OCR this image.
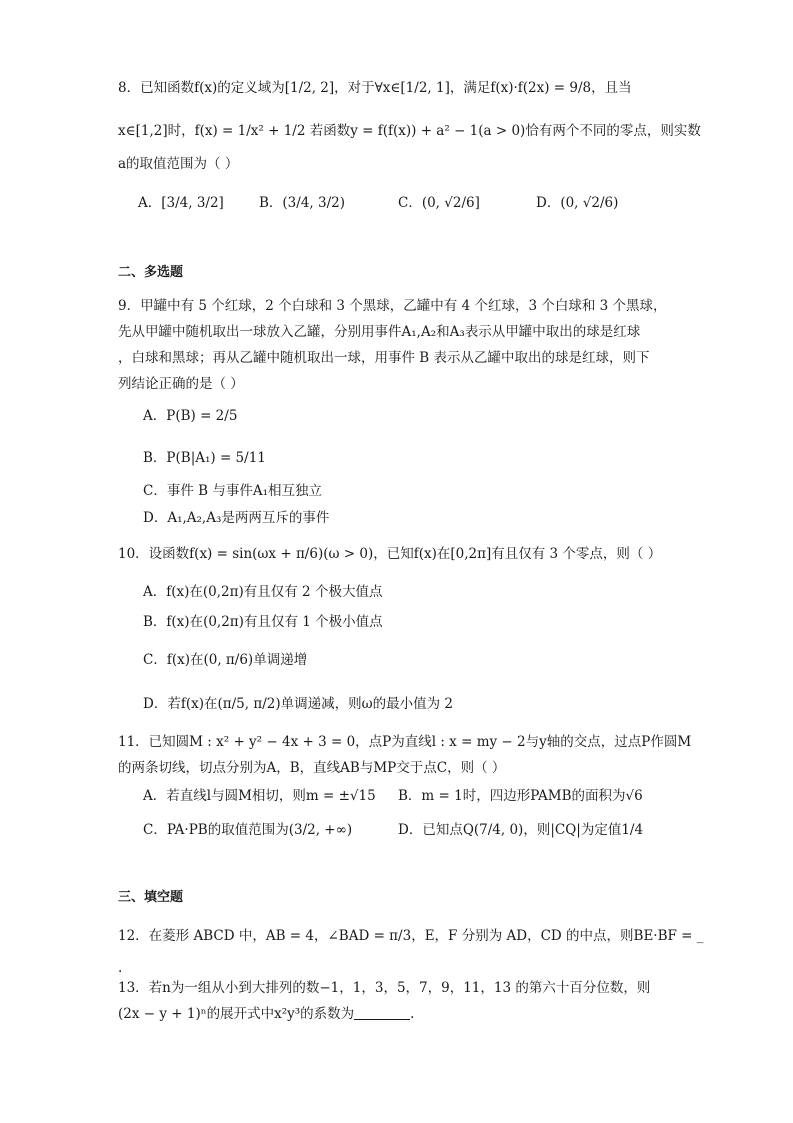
8．已知函数f(x)的定义域为[1/2, 2]，对于∀x∈[1/2, 1]，满足f(x)·f(2x) = 9/8，且当
x∈[1,2]时，f(x) = 1/x² + 1/2 若函数y = f(f(x)) + a² − 1(a > 0)恰有两个不同的零点，则实数
a的取值范围为（ ）
A．[3/4, 3/2]	B．(3/4, 3/2)	C．(0, √2/6]	D．(0, √2/6)
二、多选题
9．甲罐中有 5 个红球，2 个白球和 3 个黑球，乙罐中有 4 个红球，3 个白球和 3 个黑球，
先从甲罐中随机取出一球放入乙罐，分别用事件A₁,A₂和A₃表示从甲罐中取出的球是红球
，白球和黑球；再从乙罐中随机取出一球，用事件 B 表示从乙罐中取出的球是红球，则下
列结论正确的是（ ）
A．P(B) = 2/5
B．P(B|A₁) = 5/11
C．事件 B 与事件A₁相互独立
D．A₁,A₂,A₃是两两互斥的事件
10．设函数f(x) = sin(ωx + π/6)(ω > 0)，已知f(x)在[0,2π]有且仅有 3 个零点，则（ ）
A．f(x)在(0,2π)有且仅有 2 个极大值点
B．f(x)在(0,2π)有且仅有 1 个极小值点
C．f(x)在(0, π/6)单调递增
D．若f(x)在(π/5, π/2)单调递减，则ω的最小值为 2
11．已知圆M : x² + y² − 4x + 3 = 0，点P为直线l : x = my − 2与y轴的交点，过点P作圆M
的两条切线，切点分别为A，B，直线AB与MP交于点C，则（ ）
A．若直线l与圆M相切，则m = ±√15 B．m = 1时，四边形PAMB的面积为√6
C．PA·PB的取值范围为(3/2, +∞)	D．已知点Q(7/4, 0)，则|CQ|为定值1/4
三、填空题
12．在菱形 ABCD 中，AB = 4，∠BAD = π/3，E，F 分别为 AD，CD 的中点，则BE·BF = _
.
13．若n为一组从小到大排列的数−1，1，3，5，7，9，11，13 的第六十百分位数，则
(2x − y + 1)ⁿ的展开式中x²y³的系数为	.
